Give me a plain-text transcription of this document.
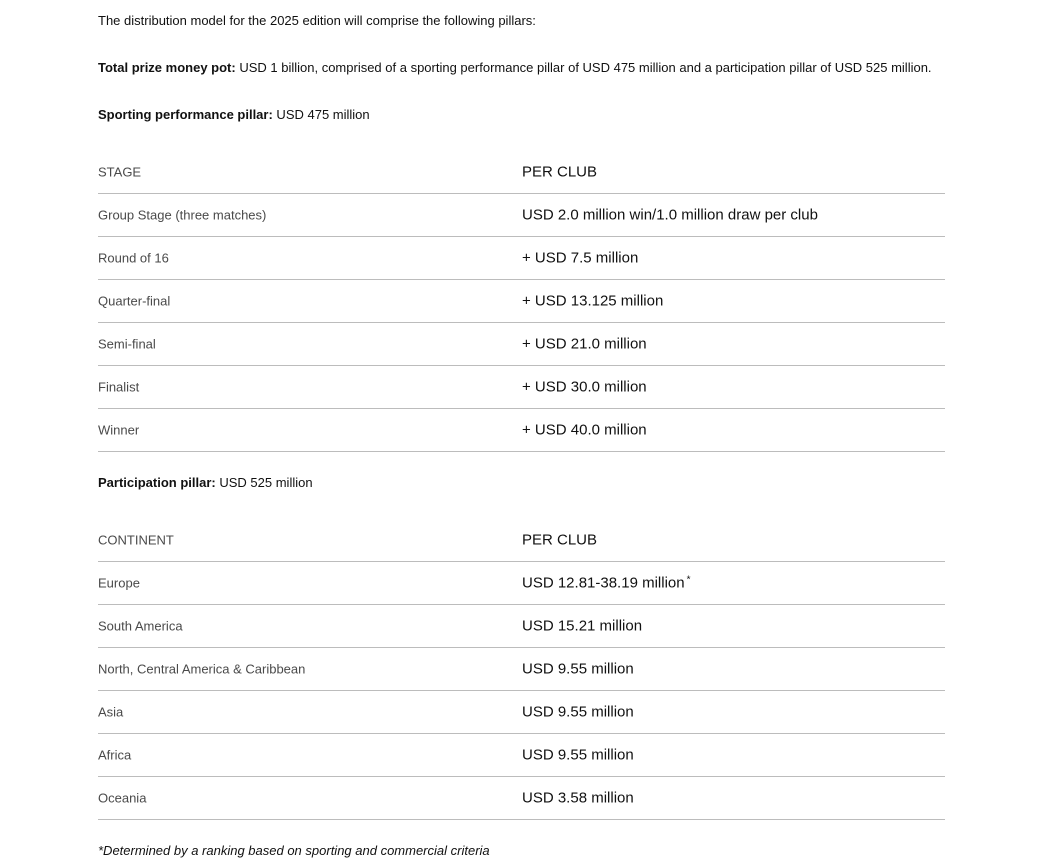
The distribution model for the 2025 edition will comprise the following pillars:
Total prize money pot: USD 1 billion, comprised of a sporting performance pillar of USD 475 million and a participation pillar of USD 525 million.
Sporting performance pillar: USD 475 million
STAGE	PER CLUB
Group Stage (three matches)	USD 2.0 million win/1.0 million draw per club
Round of 16	+ USD 7.5 million
Quarter-final	+ USD 13.125 million
Semi-final	+ USD 21.0 million
Finalist	+ USD 30.0 million
Winner	+ USD 40.0 million
Participation pillar: USD 525 million
CONTINENT	PER CLUB
Europe	USD 12.81-38.19 million *
South America	USD 15.21 million
North, Central America & Caribbean	USD 9.55 million
Asia	USD 9.55 million
Africa	USD 9.55 million
Oceania	USD 3.58 million
*Determined by a ranking based on sporting and commercial criteria
